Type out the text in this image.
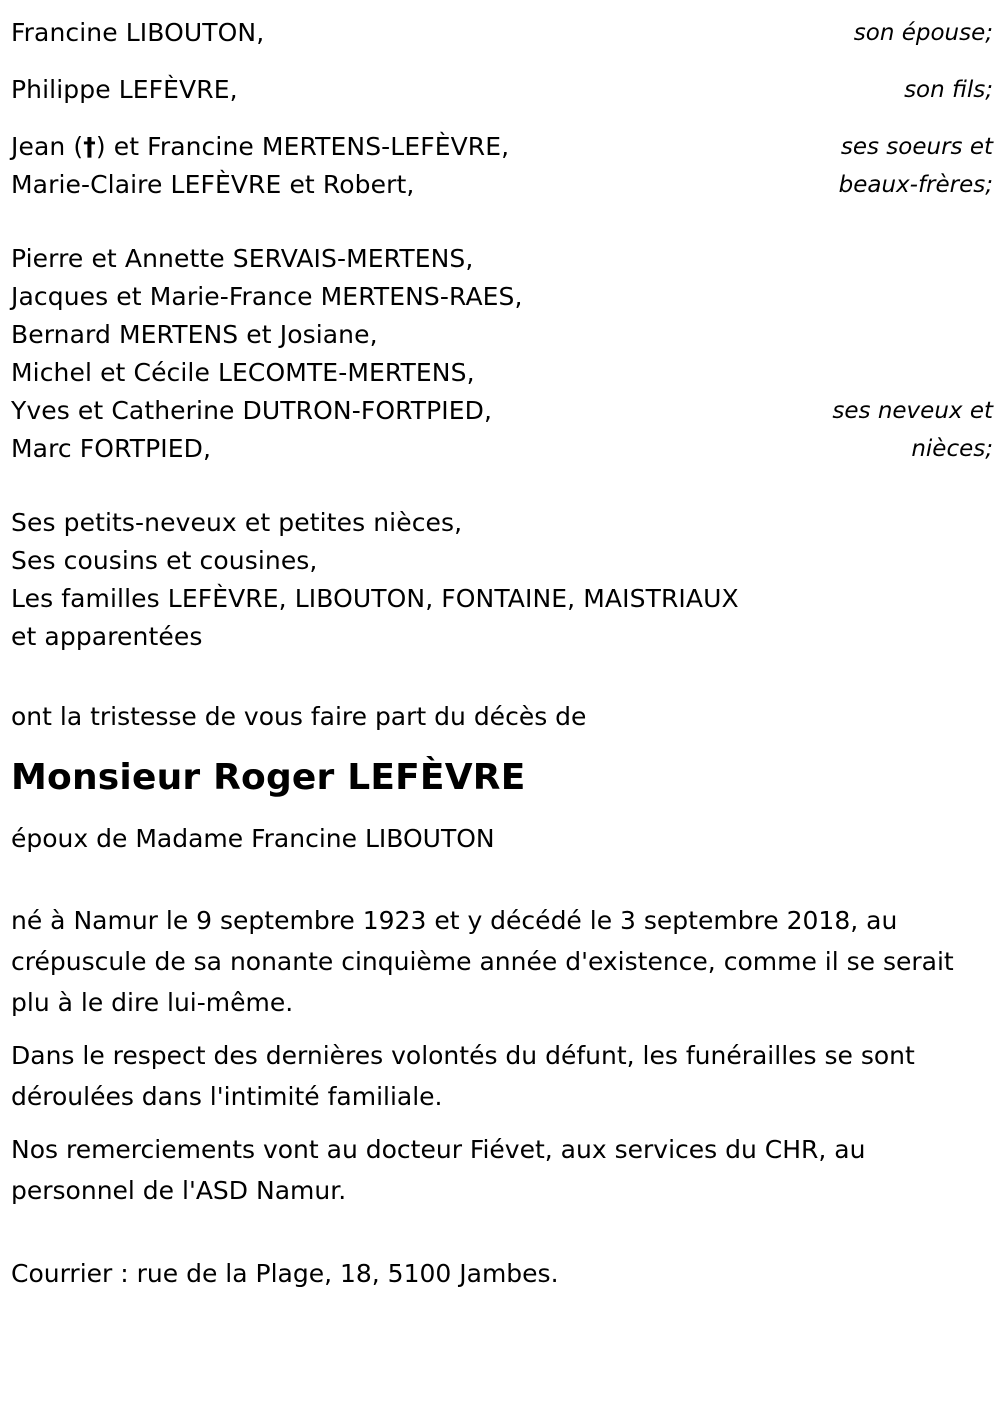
Francine LIBOUTON,	son épouse;
Philippe LEFÈVRE,	son fils;
Jean (†) et Francine MERTENS-LEFÈVRE,
Marie-Claire LEFÈVRE et Robert,
ses soeurs et
beaux-frères;
Pierre et Annette SERVAIS-MERTENS,
Jacques et Marie-France MERTENS-RAES,
Bernard MERTENS et Josiane,
Michel et Cécile LECOMTE-MERTENS,
Yves et Catherine DUTRON-FORTPIED,
Marc FORTPIED,
ses neveux et
nièces;
Ses petits-neveux et petites nièces,
Ses cousins et cousines,
Les familles LEFÈVRE, LIBOUTON, FONTAINE, MAISTRIAUX
et apparentées
ont la tristesse de vous faire part du décès de
Monsieur Roger LEFÈVRE
époux de Madame Francine LIBOUTON

né à Namur le 9 septembre 1923 et y décédé le 3 septembre 2018, au crépuscule de sa nonante cinquième année d'existence, comme il se serait plu à le dire lui-même.

Dans le respect des dernières volontés du défunt, les funérailles se sont déroulées dans l'intimité familiale.

Nos remerciements vont au docteur Fiévet, aux services du CHR, au personnel de l'ASD Namur.

Courrier : rue de la Plage, 18, 5100 Jambes.
